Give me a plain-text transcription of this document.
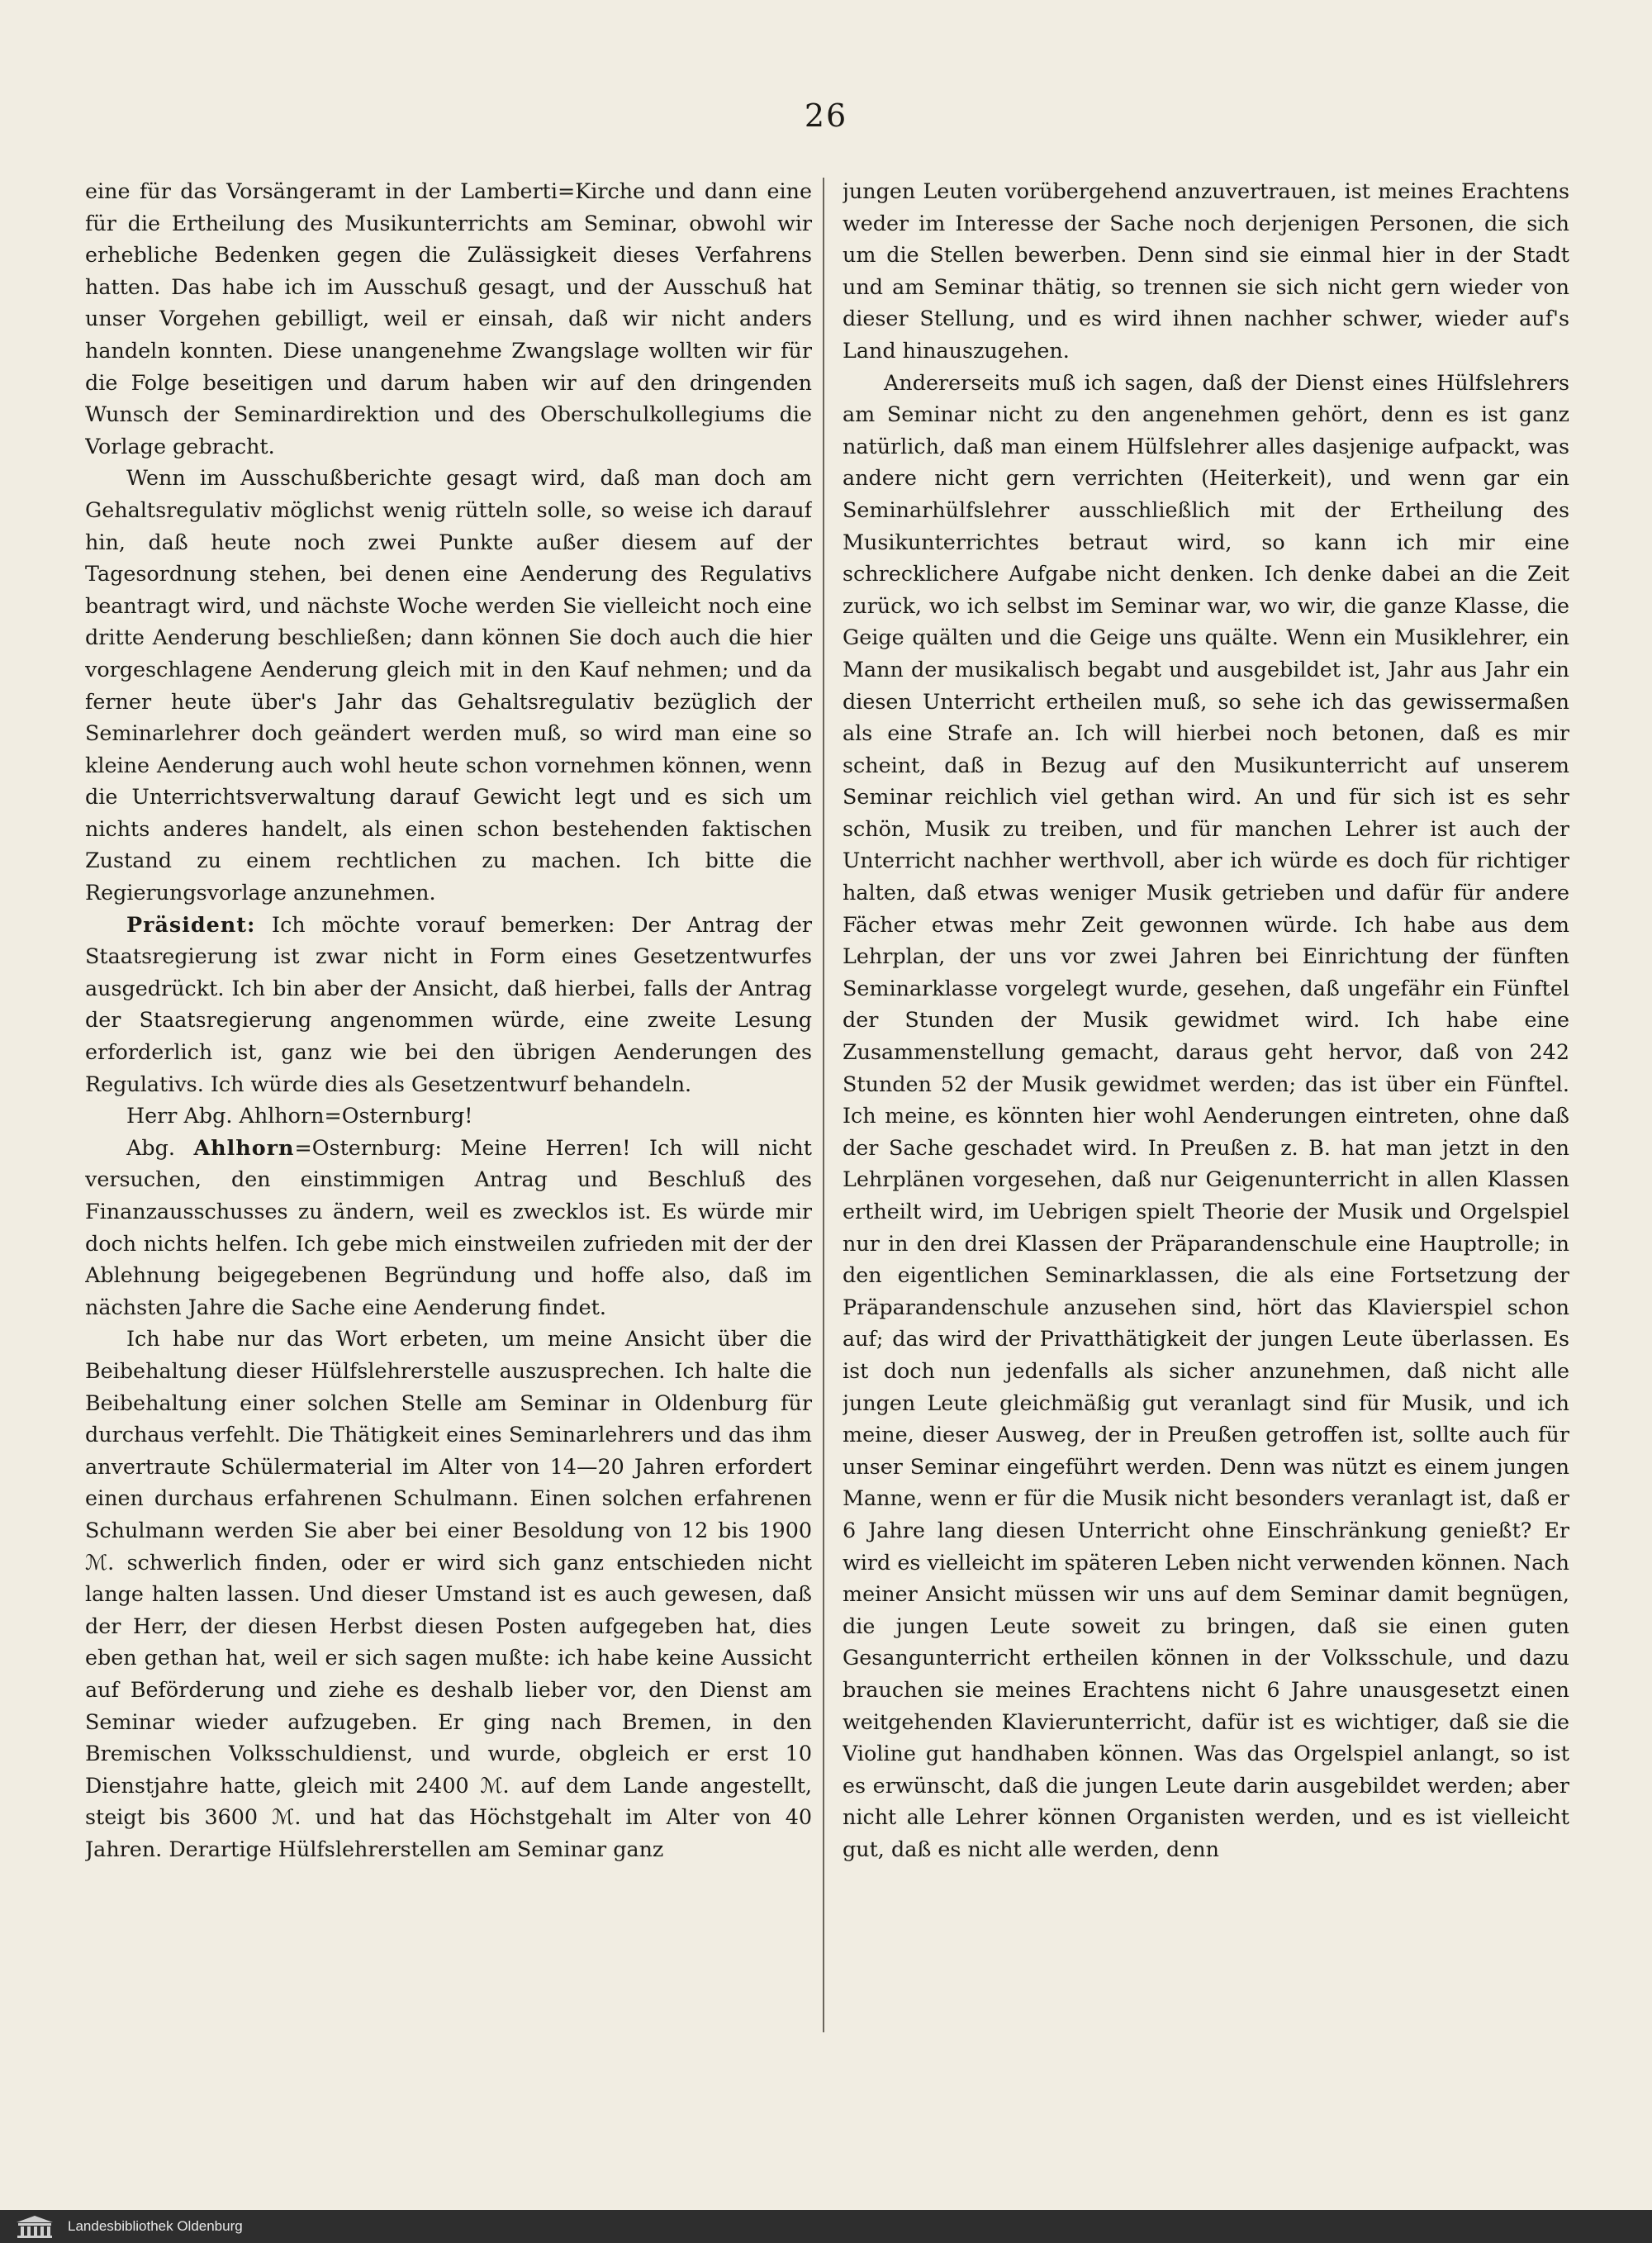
26

eine für das Vorsängeramt in der Lamberti=Kirche und dann eine für die Ertheilung des Musikunterrichts am Seminar, obwohl wir erhebliche Bedenken gegen die Zulässigkeit dieses Verfahrens hatten. Das habe ich im Ausschuß gesagt, und der Ausschuß hat unser Vorgehen gebilligt, weil er einsah, daß wir nicht anders handeln konnten. Diese unangenehme Zwangslage wollten wir für die Folge beseitigen und darum haben wir auf den dringenden Wunsch der Seminardirektion und des Oberschulkollegiums die Vorlage gebracht.

Wenn im Ausschußberichte gesagt wird, daß man doch am Gehaltsregulativ möglichst wenig rütteln solle, so weise ich darauf hin, daß heute noch zwei Punkte außer diesem auf der Tagesordnung stehen, bei denen eine Aenderung des Regulativs beantragt wird, und nächste Woche werden Sie vielleicht noch eine dritte Aenderung beschließen; dann können Sie doch auch die hier vorgeschlagene Aenderung gleich mit in den Kauf nehmen; und da ferner heute über's Jahr das Gehaltsregulativ bezüglich der Seminarlehrer doch geändert werden muß, so wird man eine so kleine Aenderung auch wohl heute schon vornehmen können, wenn die Unterrichtsverwaltung darauf Gewicht legt und es sich um nichts anderes handelt, als einen schon bestehenden faktischen Zustand zu einem rechtlichen zu machen. Ich bitte die Regierungsvorlage anzunehmen.

Präsident: Ich möchte vorauf bemerken: Der Antrag der Staatsregierung ist zwar nicht in Form eines Gesetzentwurfes ausgedrückt. Ich bin aber der Ansicht, daß hierbei, falls der Antrag der Staatsregierung angenommen würde, eine zweite Lesung erforderlich ist, ganz wie bei den übrigen Aenderungen des Regulativs. Ich würde dies als Gesetzentwurf behandeln.

Herr Abg. Ahlhorn=Osternburg!

Abg. Ahlhorn=Osternburg: Meine Herren! Ich will nicht versuchen, den einstimmigen Antrag und Beschluß des Finanzausschusses zu ändern, weil es zwecklos ist. Es würde mir doch nichts helfen. Ich gebe mich einstweilen zufrieden mit der der Ablehnung beigegebenen Begründung und hoffe also, daß im nächsten Jahre die Sache eine Aenderung findet.

Ich habe nur das Wort erbeten, um meine Ansicht über die Beibehaltung dieser Hülfslehrerstelle auszusprechen. Ich halte die Beibehaltung einer solchen Stelle am Seminar in Oldenburg für durchaus verfehlt. Die Thätigkeit eines Seminarlehrers und das ihm anvertraute Schülermaterial im Alter von 14—20 Jahren erfordert einen durchaus erfahrenen Schulmann. Einen solchen erfahrenen Schulmann werden Sie aber bei einer Besoldung von 12 bis 1900 ℳ. schwerlich finden, oder er wird sich ganz entschieden nicht lange halten lassen. Und dieser Umstand ist es auch gewesen, daß der Herr, der diesen Herbst diesen Posten aufgegeben hat, dies eben gethan hat, weil er sich sagen mußte: ich habe keine Aussicht auf Beförderung und ziehe es deshalb lieber vor, den Dienst am Seminar wieder aufzugeben. Er ging nach Bremen, in den Bremischen Volksschuldienst, und wurde, obgleich er erst 10 Dienstjahre hatte, gleich mit 2400 ℳ. auf dem Lande angestellt, steigt bis 3600 ℳ. und hat das Höchstgehalt im Alter von 40 Jahren. Derartige Hülfslehrerstellen am Seminar ganz

jungen Leuten vorübergehend anzuvertrauen, ist meines Erachtens weder im Interesse der Sache noch derjenigen Personen, die sich um die Stellen bewerben. Denn sind sie einmal hier in der Stadt und am Seminar thätig, so trennen sie sich nicht gern wieder von dieser Stellung, und es wird ihnen nachher schwer, wieder auf's Land hinauszugehen.

Andererseits muß ich sagen, daß der Dienst eines Hülfslehrers am Seminar nicht zu den angenehmen gehört, denn es ist ganz natürlich, daß man einem Hülfslehrer alles dasjenige aufpackt, was andere nicht gern verrichten (Heiterkeit), und wenn gar ein Seminarhülfslehrer ausschließlich mit der Ertheilung des Musikunterrichtes betraut wird, so kann ich mir eine schrecklichere Aufgabe nicht denken. Ich denke dabei an die Zeit zurück, wo ich selbst im Seminar war, wo wir, die ganze Klasse, die Geige quälten und die Geige uns quälte. Wenn ein Musiklehrer, ein Mann der musikalisch begabt und ausgebildet ist, Jahr aus Jahr ein diesen Unterricht ertheilen muß, so sehe ich das gewissermaßen als eine Strafe an. Ich will hierbei noch betonen, daß es mir scheint, daß in Bezug auf den Musikunterricht auf unserem Seminar reichlich viel gethan wird. An und für sich ist es sehr schön, Musik zu treiben, und für manchen Lehrer ist auch der Unterricht nachher werthvoll, aber ich würde es doch für richtiger halten, daß etwas weniger Musik getrieben und dafür für andere Fächer etwas mehr Zeit gewonnen würde. Ich habe aus dem Lehrplan, der uns vor zwei Jahren bei Einrichtung der fünften Seminarklasse vorgelegt wurde, gesehen, daß ungefähr ein Fünftel der Stunden der Musik gewidmet wird. Ich habe eine Zusammenstellung gemacht, daraus geht hervor, daß von 242 Stunden 52 der Musik gewidmet werden; das ist über ein Fünftel. Ich meine, es könnten hier wohl Aenderungen eintreten, ohne daß der Sache geschadet wird. In Preußen z. B. hat man jetzt in den Lehrplänen vorgesehen, daß nur Geigenunterricht in allen Klassen ertheilt wird, im Uebrigen spielt Theorie der Musik und Orgelspiel nur in den drei Klassen der Präparandenschule eine Hauptrolle; in den eigentlichen Seminarklassen, die als eine Fortsetzung der Präparandenschule anzusehen sind, hört das Klavierspiel schon auf; das wird der Privatthätigkeit der jungen Leute überlassen. Es ist doch nun jedenfalls als sicher anzunehmen, daß nicht alle jungen Leute gleichmäßig gut veranlagt sind für Musik, und ich meine, dieser Ausweg, der in Preußen getroffen ist, sollte auch für unser Seminar eingeführt werden. Denn was nützt es einem jungen Manne, wenn er für die Musik nicht besonders veranlagt ist, daß er 6 Jahre lang diesen Unterricht ohne Einschränkung genießt? Er wird es vielleicht im späteren Leben nicht verwenden können. Nach meiner Ansicht müssen wir uns auf dem Seminar damit begnügen, die jungen Leute soweit zu bringen, daß sie einen guten Gesangunterricht ertheilen können in der Volksschule, und dazu brauchen sie meines Erachtens nicht 6 Jahre unausgesetzt einen weitgehenden Klavierunterricht, dafür ist es wichtiger, daß sie die Violine gut handhaben können. Was das Orgelspiel anlangt, so ist es erwünscht, daß die jungen Leute darin ausgebildet werden; aber nicht alle Lehrer können Organisten werden, und es ist vielleicht gut, daß es nicht alle werden, denn

Landesbibliothek Oldenburg
